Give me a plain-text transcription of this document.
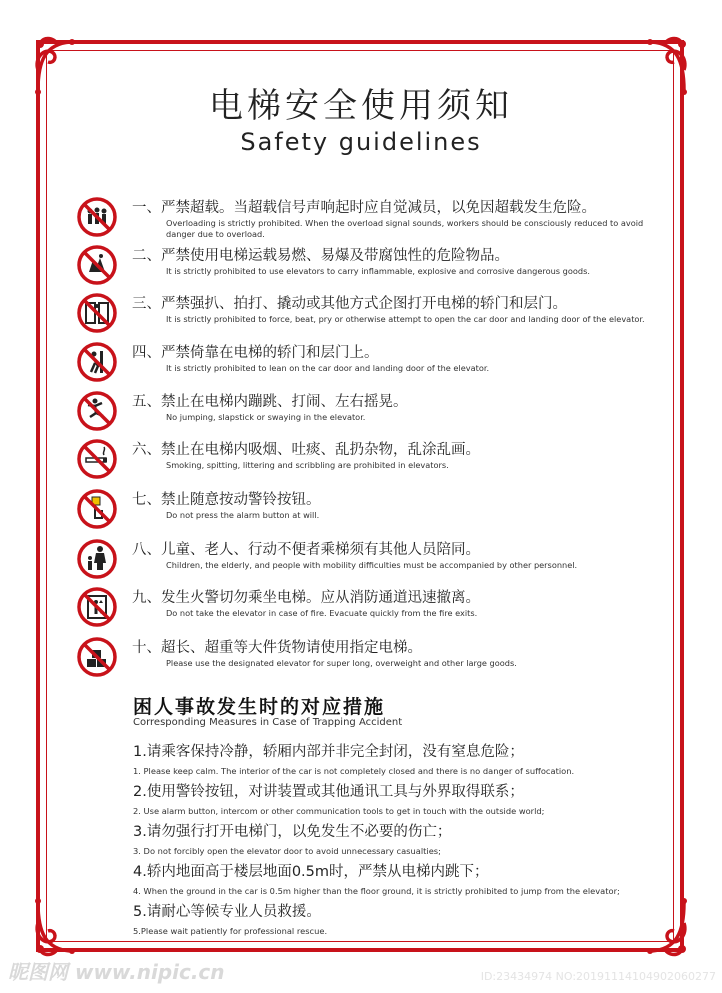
电梯安全使用须知
Safety guidelines
一、严禁超载。当超载信号声响起时应自觉减员，以免因超载发生危险。
Overloading is strictly prohibited. When the overload signal sounds, workers should be consciously reduced to avoid danger due to overload.
二、严禁使用电梯运载易燃、易爆及带腐蚀性的危险物品。
It is strictly prohibited to use elevators to carry inflammable, explosive and corrosive dangerous goods.
三、严禁强扒、拍打、撬动或其他方式企图打开电梯的轿门和层门。
It is strictly prohibited to force, beat, pry or otherwise attempt to open the car door and landing door of the elevator.
四、严禁倚靠在电梯的轿门和层门上。
It is strictly prohibited to lean on the car door and landing door of the elevator.
五、禁止在电梯内蹦跳、打闹、左右摇晃。
No jumping, slapstick or swaying in the elevator.
六、禁止在电梯内吸烟、吐痰、乱扔杂物，乱涂乱画。
Smoking, spitting, littering and scribbling are prohibited in elevators.
七、禁止随意按动警铃按钮。
Do not press the alarm button at will.
八、儿童、老人、行动不便者乘梯须有其他人员陪同。
Children, the elderly, and people with mobility difficulties must be accompanied by other personnel.
九、发生火警切勿乘坐电梯。应从消防通道迅速撤离。
Do not take the elevator in case of fire. Evacuate quickly from the fire exits.
十、超长、超重等大件货物请使用指定电梯。
Please use the designated elevator for super long, overweight and other large goods.
困人事故发生时的对应措施
Corresponding Measures in Case of Trapping Accident
1.请乘客保持冷静，轿厢内部并非完全封闭，没有窒息危险；
1. Please keep calm. The interior of the car is not completely closed and there is no danger of suffocation.
2.使用警铃按钮，对讲装置或其他通讯工具与外界取得联系；
2. Use alarm button, intercom or other communication tools to get in touch with the outside world;
3.请勿强行打开电梯门，以免发生不必要的伤亡；
3. Do not forcibly open the elevator door to avoid unnecessary casualties;
4.轿内地面高于楼层地面0.5m时，严禁从电梯内跳下；
4. When the ground in the car is 0.5m higher than the floor ground, it is strictly prohibited to jump from the elevator;
5.请耐心等候专业人员救援。
5.Please wait patiently for professional rescue.
昵图网 www.nipic.cn	ID:23434974 NO:20191114104902060277
